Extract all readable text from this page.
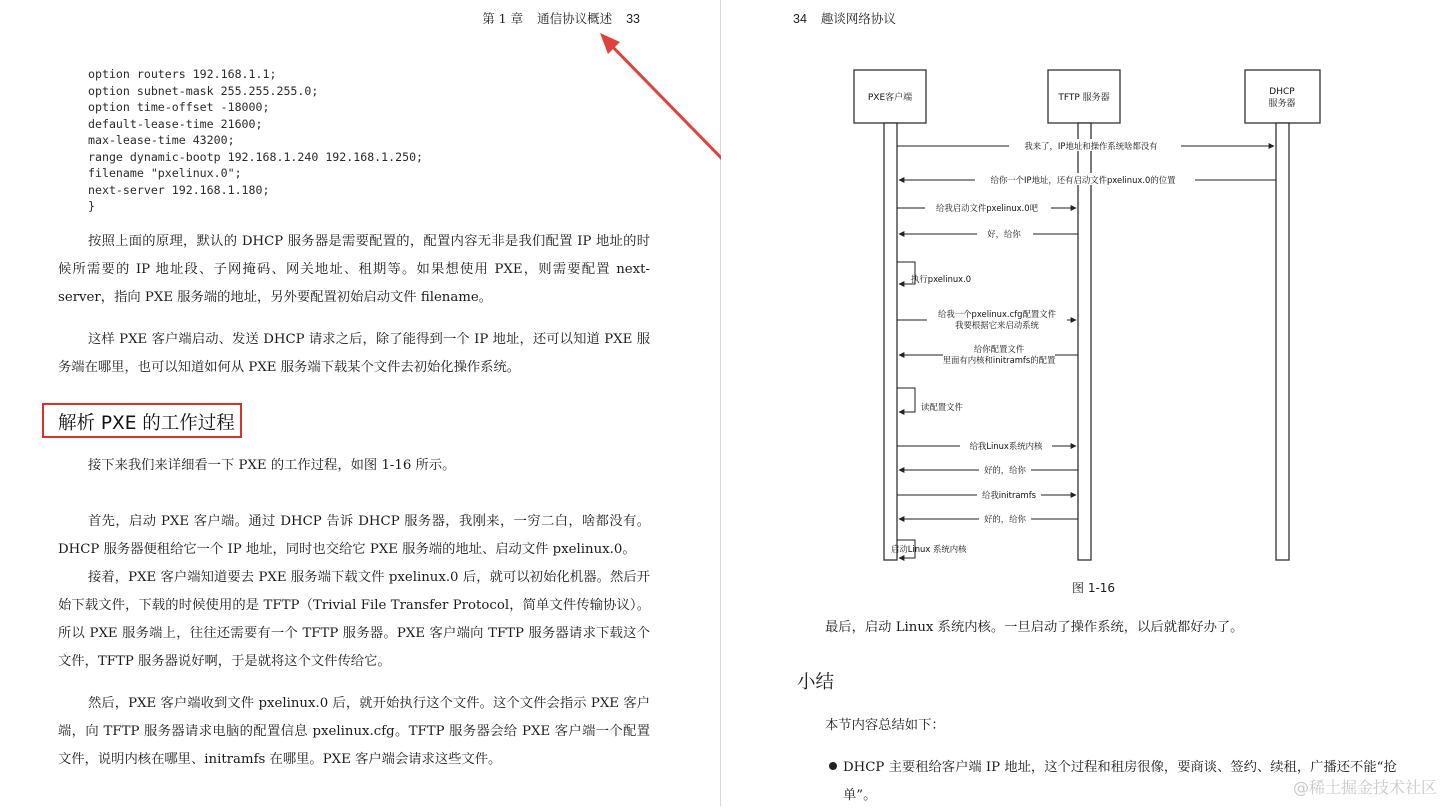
第 1 章 通信协议概述 33
option routers 192.168.1.1;
option subnet-mask 255.255.255.0;
option time-offset -18000;
default-lease-time 21600;
max-lease-time 43200;
range dynamic-bootp 192.168.1.240 192.168.1.250;
filename "pxelinux.0";
next-server 192.168.1.180;
}
按照上面的原理，默认的 DHCP 服务器是需要配置的，配置内容无非是我们配置 IP 地址的时候所需要的 IP 地址段、子网掩码、网关地址、租期等。如果想使用 PXE，则需要配置 next-server，指向 PXE 服务端的地址，另外要配置初始启动文件 filename。
这样 PXE 客户端启动、发送 DHCP 请求之后，除了能得到一个 IP 地址，还可以知道 PXE 服务端在哪里，也可以知道如何从 PXE 服务端下载某个文件去初始化操作系统。
解析 PXE 的工作过程
接下来我们来详细看一下 PXE 的工作过程，如图 1-16 所示。
首先，启动 PXE 客户端。通过 DHCP 告诉 DHCP 服务器，我刚来，一穷二白，啥都没有。DHCP 服务器便租给它一个 IP 地址，同时也交给它 PXE 服务端的地址、启动文件 pxelinux.0。
接着，PXE 客户端知道要去 PXE 服务端下载文件 pxelinux.0 后，就可以初始化机器。然后开始下载文件，下载的时候使用的是 TFTP（Trivial File Transfer Protocol，简单文件传输协议）。所以 PXE 服务端上，往往还需要有一个 TFTP 服务器。PXE 客户端向 TFTP 服务器请求下载这个文件，TFTP 服务器说好啊，于是就将这个文件传给它。
然后，PXE 客户端收到文件 pxelinux.0 后，就开始执行这个文件。这个文件会指示 PXE 客户端，向 TFTP 服务器请求电脑的配置信息 pxelinux.cfg。TFTP 服务器会给 PXE 客户端一个配置文件，说明内核在哪里、initramfs 在哪里。PXE 客户端会请求这些文件。
34 趣谈网络协议
PXE客户端	TFTP 服务器
DHCP 服务器
我来了，IP地址和操作系统啥都没有
给你一个IP地址，还有启动文件pxelinux.0的位置
给我启动文件pxelinux.0吧
好，给你
执行pxelinux.0
给我一个pxelinux.cfg配置文件我要根据它来启动系统
给你配置文件里面有内核和initramfs的配置
读配置文件
给我Linux系统内核
好的，给你
给我initramfs
好的，给你
启动Linux 系统内核
图 1-16
最后，启动 Linux 系统内核。一旦启动了操作系统，以后就都好办了。
小结
本节内容总结如下：
DHCP 主要租给客户端 IP 地址，这个过程和租房很像，要商谈、签约、续租，广播还不能“抢单”。	@稀土掘金技术社区
